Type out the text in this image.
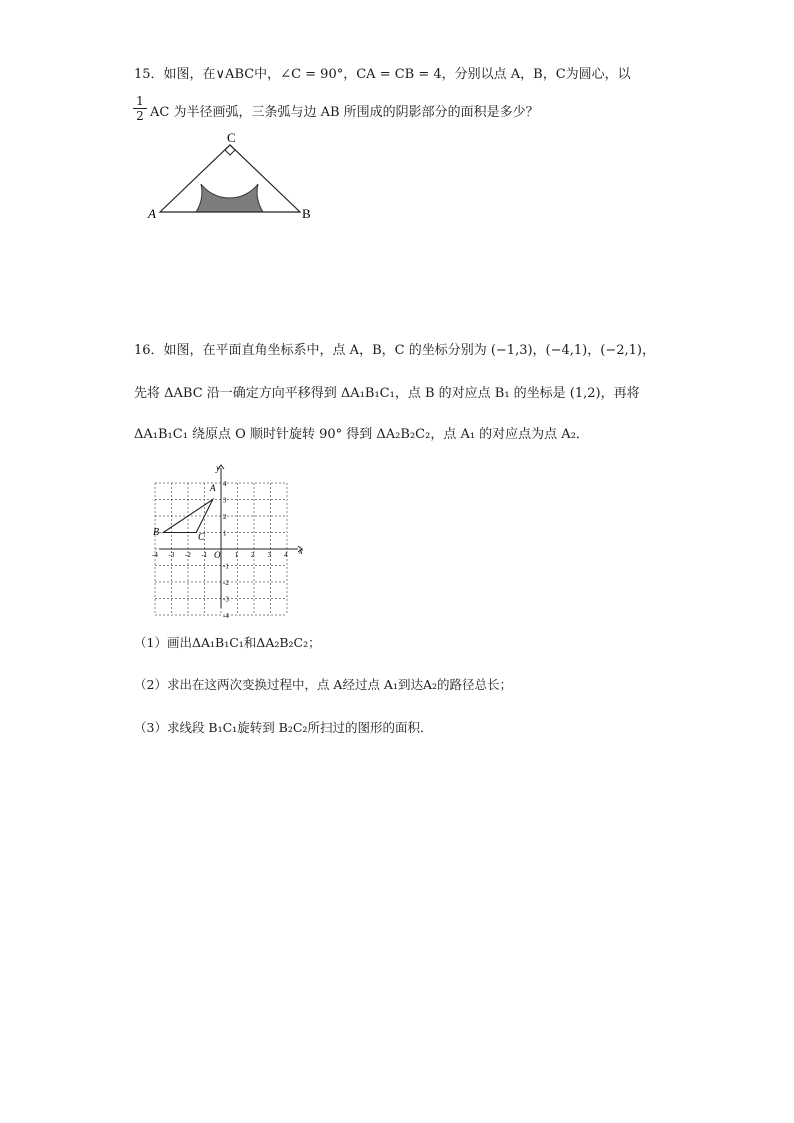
15．如图，在∨ABC中，∠C = 90°，CA = CB = 4，分别以点 A，B，C为圆心，以
1
2 AC 为半径画弧，三条弧与边 AB 所围成的阴影部分的面积是多少？
C
A	B
16．如图，在平面直角坐标系中，点 A，B，C 的坐标分别为 (−1,3)，(−4,1)，(−2,1)，
先将 ΔABC 沿一确定方向平移得到 ΔA₁B₁C₁，点 B 的对应点 B₁ 的坐标是 (1,2)，再将
ΔA₁B₁C₁ 绕原点 O 顺时针旋转 90° 得到 ΔA₂B₂C₂，点 A₁ 的对应点为点 A₂．
-4 -3 -2 -1	1 2 3 4
4
3
2
1
-1
-2
-3
-4
x
y
O
A
B	C
（1）画出ΔA₁B₁C₁和ΔA₂B₂C₂；
（2）求出在这两次变换过程中，点 A经过点 A₁到达A₂的路径总长；
（3）求线段 B₁C₁旋转到 B₂C₂所扫过的图形的面积．
